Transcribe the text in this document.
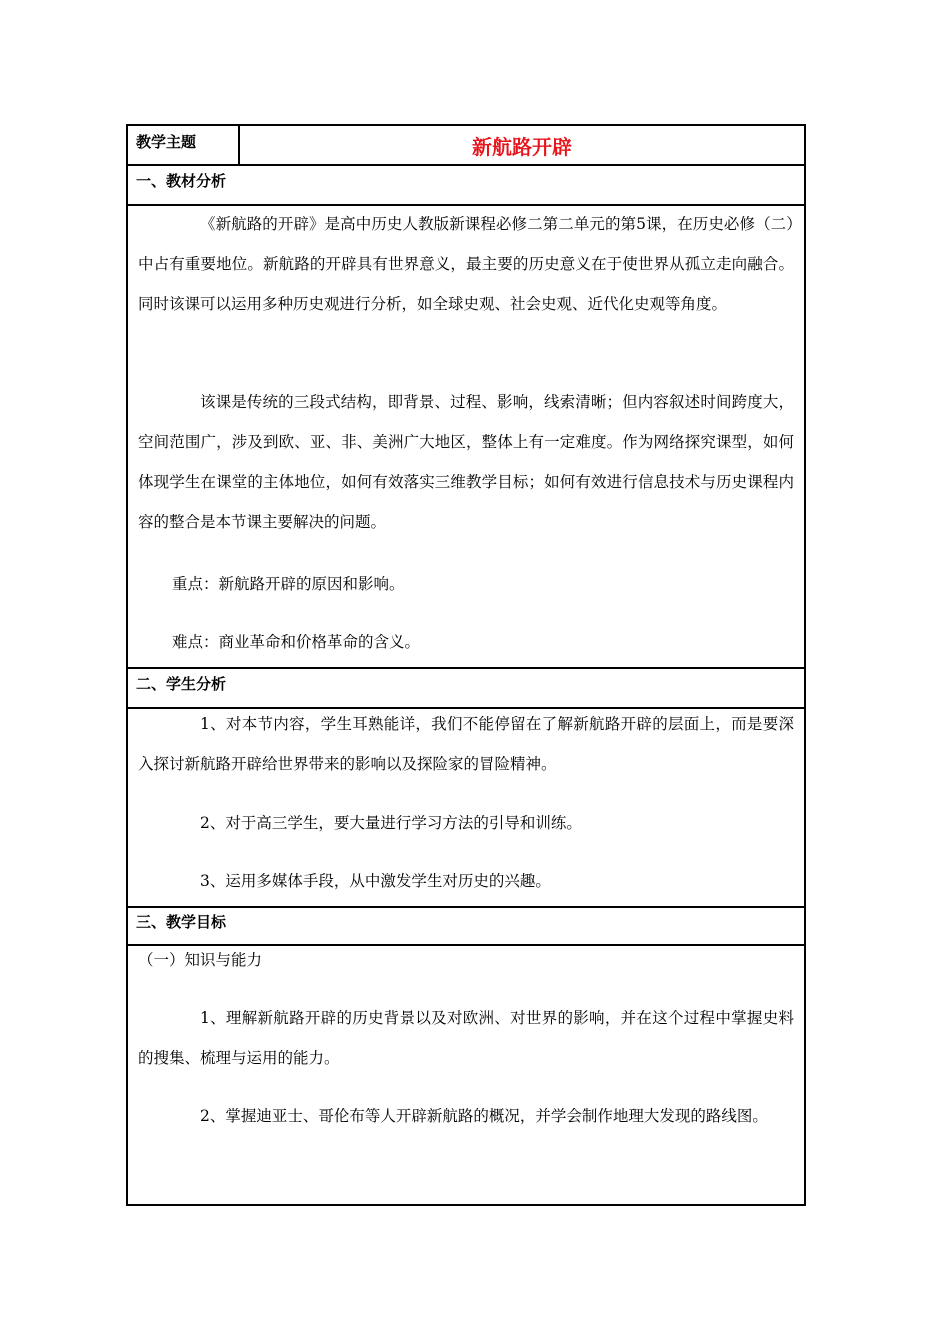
教学主题	新航路开辟
一、教材分析

《新航路的开辟》是高中历史人教版新课程必修二第二单元的第5课，在历史必修（二）中占有重要地位。新航路的开辟具有世界意义，最主要的历史意义在于使世界从孤立走向融合。同时该课可以运用多种历史观进行分析，如全球史观、社会史观、近代化史观等角度。

该课是传统的三段式结构，即背景、过程、影响，线索清晰；但内容叙述时间跨度大，空间范围广，涉及到欧、亚、非、美洲广大地区，整体上有一定难度。作为网络探究课型，如何体现学生在课堂的主体地位，如何有效落实三维教学目标；如何有效进行信息技术与历史课程内容的整合是本节课主要解决的问题。

重点：新航路开辟的原因和影响。

难点：商业革命和价格革命的含义。

二、学生分析

1、对本节内容，学生耳熟能详，我们不能停留在了解新航路开辟的层面上，而是要深入探讨新航路开辟给世界带来的影响以及探险家的冒险精神。

2、对于高三学生，要大量进行学习方法的引导和训练。

3、运用多媒体手段，从中激发学生对历史的兴趣。

三、教学目标

（一）知识与能力

1、理解新航路开辟的历史背景以及对欧洲、对世界的影响，并在这个过程中掌握史料的搜集、梳理与运用的能力。

2、掌握迪亚士、哥伦布等人开辟新航路的概况，并学会制作地理大发现的路线图。
